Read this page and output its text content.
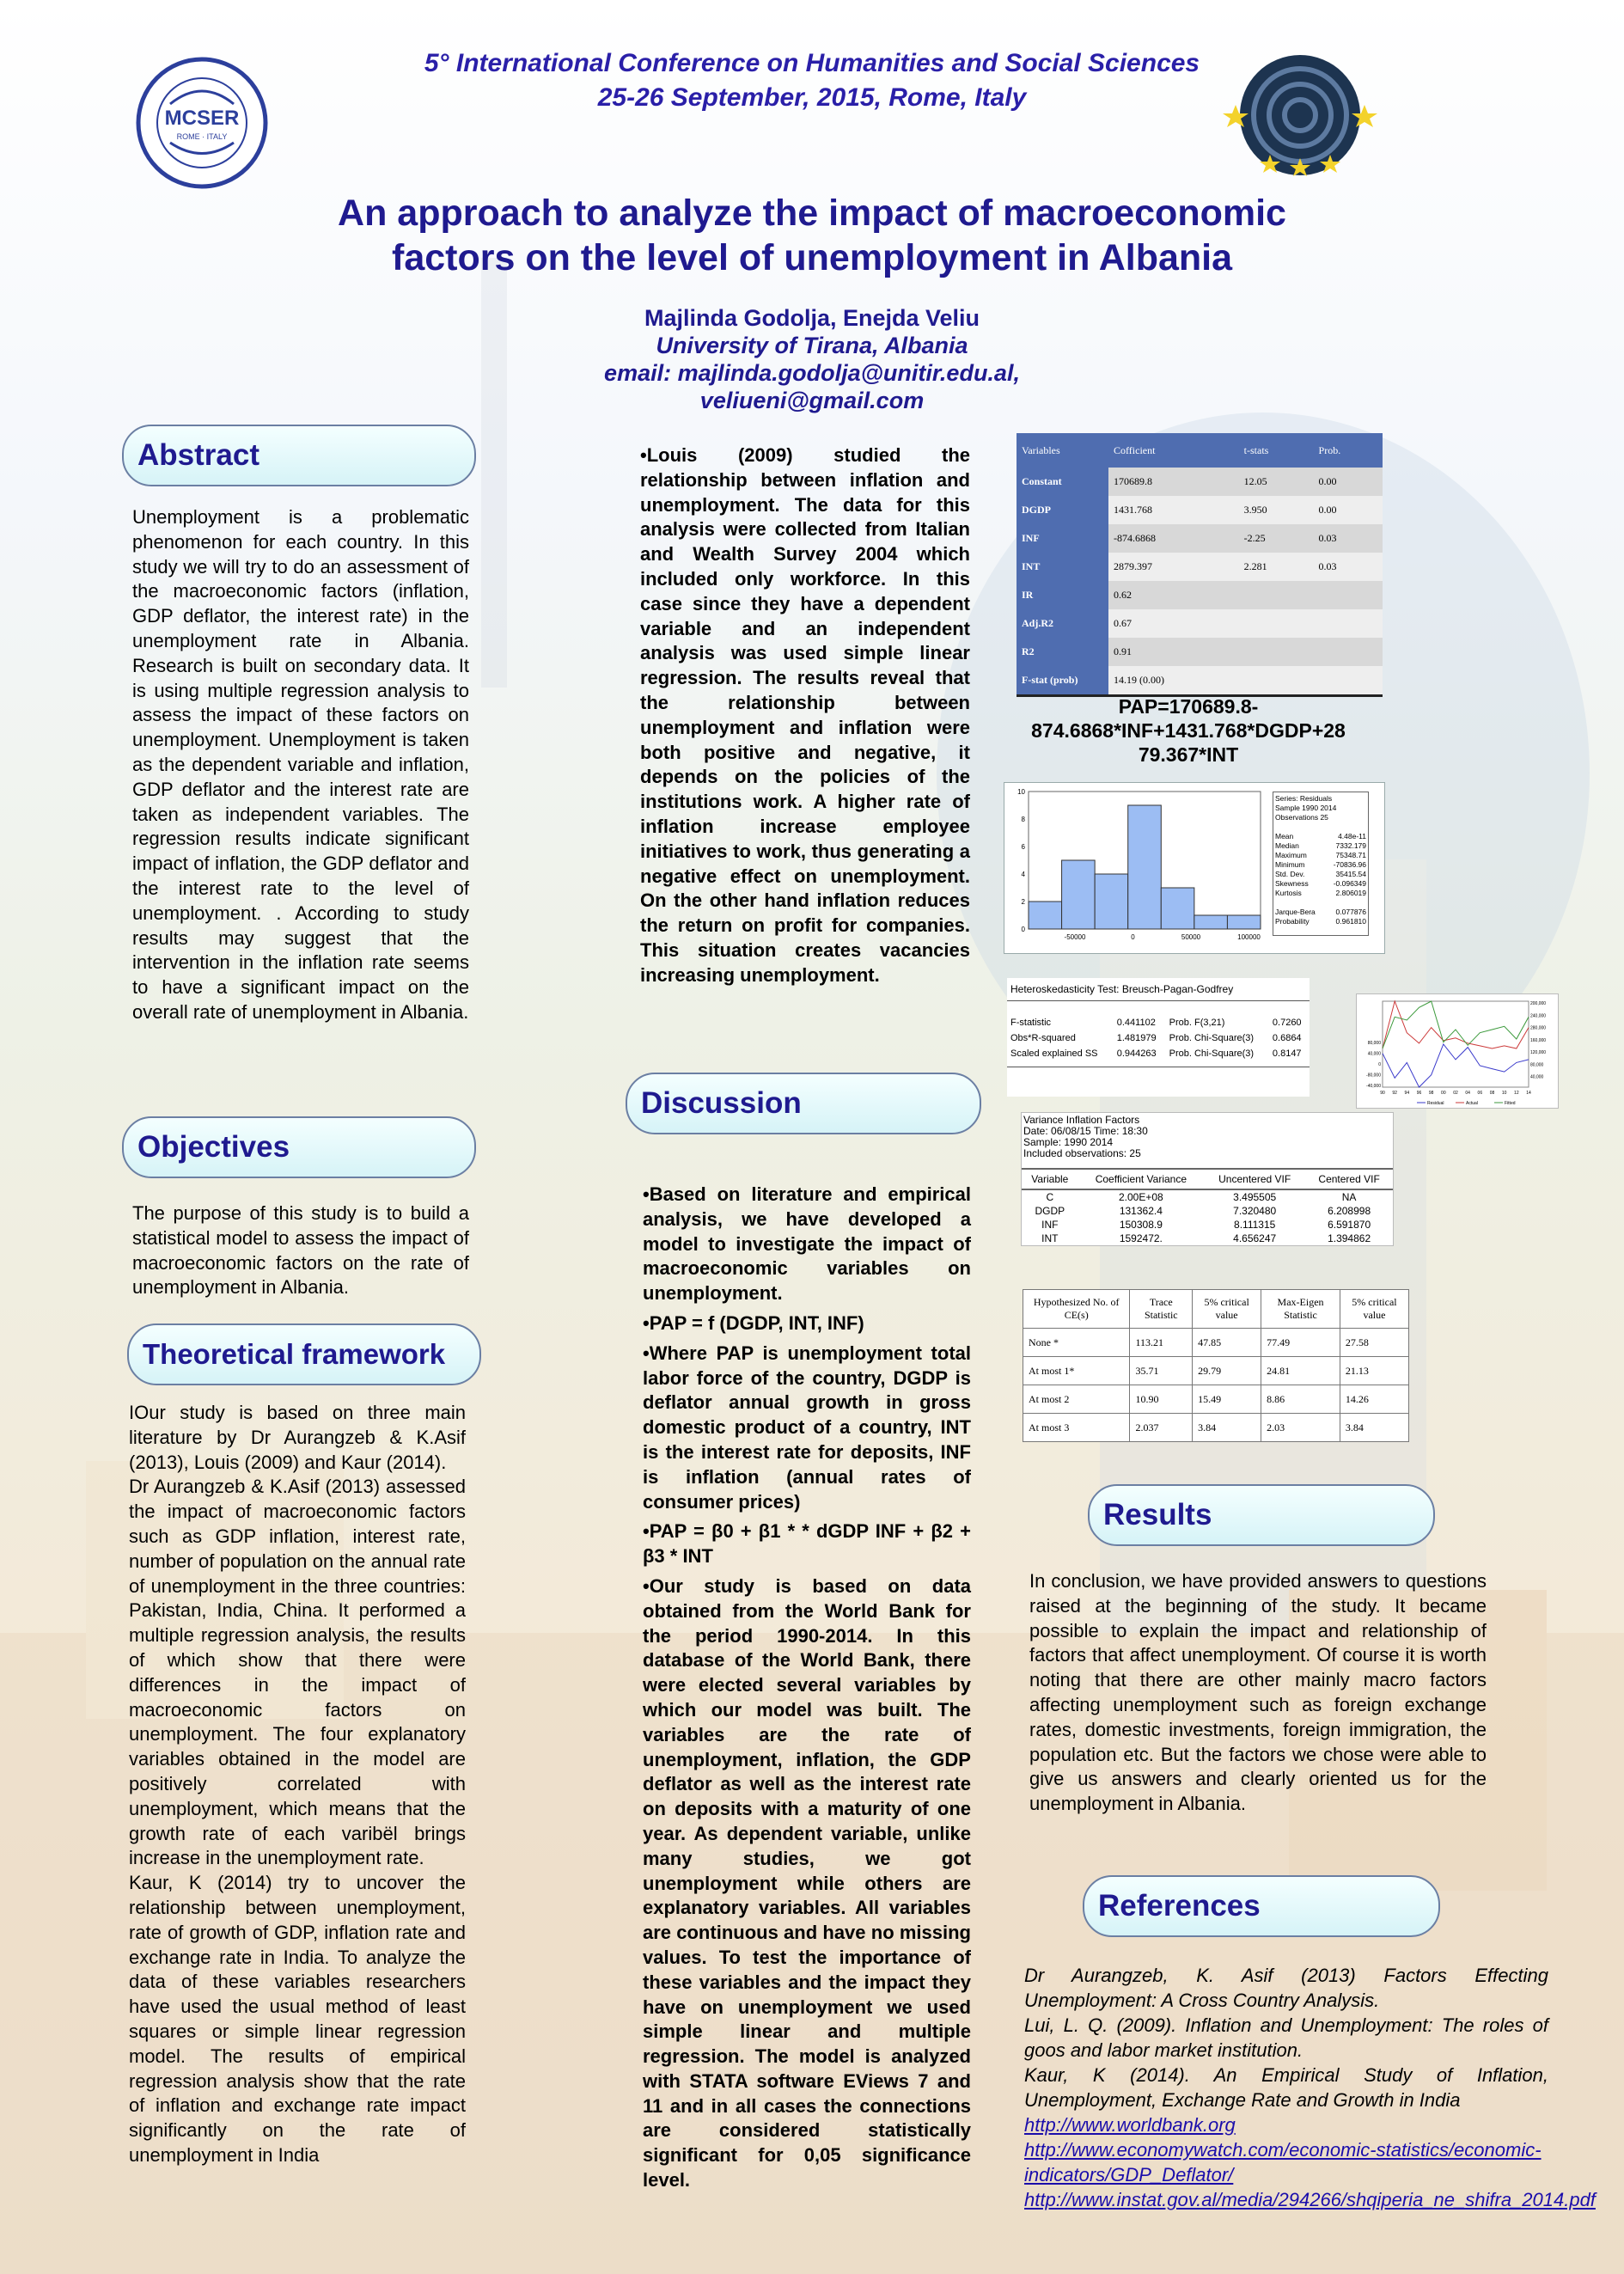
MCSER
ROME · ITALY
5° International Conference on Humanities and Social Sciences
25-26 September, 2015, Rome, Italy
An approach to analyze the impact of macroeconomic
factors on the level of unemployment in Albania
Majlinda Godolja, Enejda Veliu
University of Tirana, Albania
email: majlinda.godolja@unitir.edu.al,
veliueni@gmail.com
Abstract
Unemployment is a problematic phenomenon for each country. In this study we will try to do an assessment of the macroeconomic factors (inflation, GDP deflator, the interest rate) in the unemployment rate in Albania. Research is built on secondary data. It is using multiple regression analysis to assess the impact of these factors on unemployment. Unemployment is taken as the dependent variable and inflation, GDP deflator and the interest rate are taken as independent variables. The regression results indicate significant impact of inflation, the GDP deflator and the interest rate to the level of unemployment. . According to study results may suggest that the intervention in the inflation rate seems to have a significant impact on the overall rate of unemployment in Albania.
Objectives
The purpose of this study is to build a statistical model to assess the impact of macroeconomic factors on the rate of unemployment in Albania.
Theoretical framework
IOur study is based on three main literature by Dr Aurangzeb & K.Asif (2013), Louis (2009) and Kaur (2014).
Dr Aurangzeb & K.Asif (2013) assessed the impact of macroeconomic factors such as GDP inflation, interest rate, number of population on the annual rate of unemployment in the three countries: Pakistan, India, China. It performed a multiple regression analysis, the results of which show that there were differences in the impact of macroeconomic factors on unemployment. The four explanatory variables obtained in the model are positively correlated with unemployment, which means that the growth rate of each varibël brings increase in the unemployment rate.
Kaur, K (2014) try to uncover the relationship between unemployment, rate of growth of GDP, inflation rate and exchange rate in India. To analyze the data of these variables researchers have used the usual method of least squares or simple linear regression model. The results of empirical regression analysis show that the rate of inflation and exchange rate impact significantly on the rate of unemployment in India
•Louis (2009) studied the relationship between inflation and unemployment. The data for this analysis were collected from Italian and Wealth Survey 2004 which included only workforce. In this case since they have a dependent variable and an independent analysis was used simple linear regression. The results reveal that the relationship between unemployment and inflation were both positive and negative, it depends on the policies of the institutions work. A higher rate of inflation increase employee initiatives to work, thus generating a negative effect on unemployment. On the other hand inflation reduces the return on profit for companies. This situation creates vacancies increasing unemployment.
Discussion
•Based on literature and empirical analysis, we have developed a model to investigate the impact of macroeconomic variables on unemployment.
•PAP = f (DGDP, INT, INF)
•Where PAP is unemployment total labor force of the country, DGDP is deflator annual growth in gross domestic product of a country, INT is the interest rate for deposits, INF is inflation (annual rates of consumer prices)
•PAP = β0 + β1 * * dGDP INF + β2 + β3 * INT
•Our study is based on data obtained from the World Bank for the period 1990-2014. In this database of the World Bank, there were elected several variables by which our model was built. The variables are the rate of unemployment, inflation, the GDP deflator as well as the interest rate on deposits with a maturity of one year. As dependent variable, unlike many studies, we got unemployment while others are explanatory variables. All variables are continuous and have no missing values. To test the importance of these variables and the impact they have on unemployment we used simple linear and multiple regression. The model is analyzed with STATA software EViews 7 and 11 and in all cases the connections are considered statistically significant for 0,05 significance level.
Variables	Cofficient	t-stats	Prob.
Constant	170689.8	12.05	0.00
DGDP	1431.768	3.950	0.00
INF	-874.6868	-2.25	0.03
INT	2879.397	2.281	0.03
IR	0.62		
Adj.R2	0.67		
R2	0.91		
F-stat (prob)	14.19 (0.00)		
PAP=170689.8-
874.6868*INF+1431.768*DGDP+28
79.367*INT
0
2
4
6
8
10
-50000	0	50000	100000
Series: Residuals
Sample 1990 2014
Observations 25
Mean	4.48e-11
Median	7332.179
Maximum	75348.71
Minimum	-70836.96
Std. Dev.	35415.54
Skewness	-0.096349
Kurtosis	2.806019
Jarque-Bera	0.077876
Probability	0.961810
Heteroskedasticity Test: Breusch-Pagan-Godfrey
F-statistic	0.441102	Prob. F(3,21)	0.7260
Obs*R-squared	1.481979	Prob. Chi-Square(3)	0.6864
Scaled explained SS	0.944263	Prob. Chi-Square(3)	0.8147
90 92 94 96 98 00 02 04 06 08 10 12 14
-40,000
-80,000
0
40,000
80,000
200,000
240,000
280,000
160,000
120,000
80,000
40,000
Residual	Actual	Fitted
Variance Inflation Factors
Date: 06/08/15 Time: 18:30
Sample: 1990 2014
Included observations: 25
Variable	Coefficient Variance	Uncentered VIF	Centered VIF
C	2.00E+08	3.495505	NA
DGDP	131362.4	7.320480	6.208998
INF	150308.9	8.111315	6.591870
INT	1592472.	4.656247	1.394862
Hypothesized No. of CE(s)	Trace Statistic	5% critical value	Max-Eigen Statistic	5% critical value
None *	113.21	47.85	77.49	27.58
At most 1*	35.71	29.79	24.81	21.13
At most 2	10.90	15.49	8.86	14.26
At most 3	2.037	3.84	2.03	3.84
Results
In conclusion, we have provided answers to questions raised at the beginning of the study. It became possible to explain the impact and relationship of factors that affect unemployment. Of course it is worth noting that there are other mainly macro factors affecting unemployment such as foreign exchange rates, domestic investments, foreign immigration, the population etc. But the factors we chose were able to give us answers and clearly oriented us for the unemployment in Albania.
References
Dr Aurangzeb, K. Asif (2013) Factors Effecting Unemployment: A Cross Country Analysis.
Lui, L. Q. (2009). Inflation and Unemployment: The roles of goos and labor market institution.
Kaur, K (2014). An Empirical Study of Inflation, Unemployment, Exchange Rate and Growth in India
http://www.worldbank.org
http://www.economywatch.com/economic-statistics/economic-indicators/GDP_Deflator/
http://www.instat.gov.al/media/294266/shqiperia_ne_shifra_2014.pdf
